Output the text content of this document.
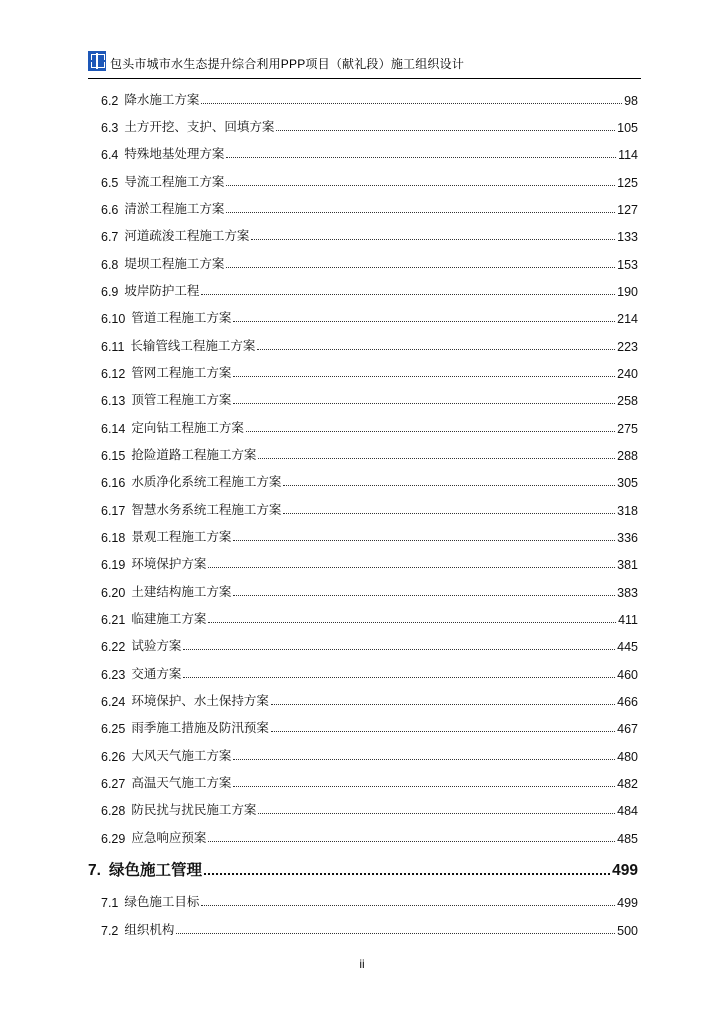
包头市城市水生态提升综合利用PPP项目（献礼段）施工组织设计
6.2 降水施工方案	98
6.3 土方开挖、支护、回填方案	105
6.4 特殊地基处理方案	114
6.5 导流工程施工方案	125
6.6 清淤工程施工方案	127
6.7 河道疏浚工程施工方案	133
6.8 堤坝工程施工方案	153
6.9 坡岸防护工程	190
6.10 管道工程施工方案	214
6.11 长输管线工程施工方案	223
6.12 管网工程施工方案	240
6.13 顶管工程施工方案	258
6.14 定向钻工程施工方案	275
6.15 抢险道路工程施工方案	288
6.16 水质净化系统工程施工方案	305
6.17 智慧水务系统工程施工方案	318
6.18 景观工程施工方案	336
6.19 环境保护方案	381
6.20 土建结构施工方案	383
6.21 临建施工方案	411
6.22 试验方案	445
6.23 交通方案	460
6.24 环境保护、水土保持方案	466
6.25 雨季施工措施及防汛预案	467
6.26 大风天气施工方案	480
6.27 高温天气施工方案	482
6.28 防民扰与扰民施工方案	484
6.29 应急响应预案	485
7. 绿色施工管理	499
7.1 绿色施工目标	499
7.2 组织机构	500
ii
